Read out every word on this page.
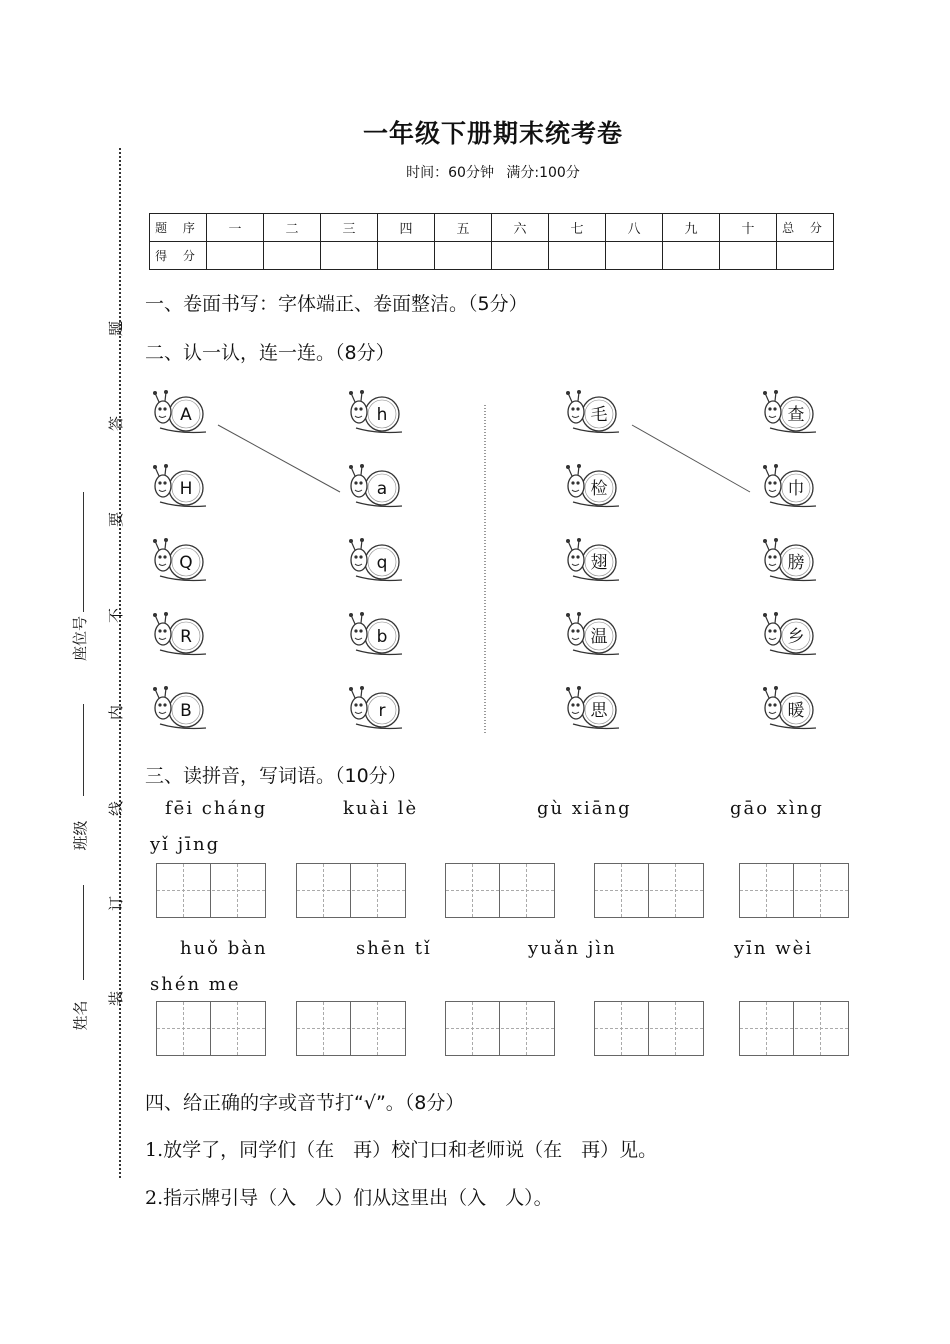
一年级下册期末统考卷
时间：60分钟 满分:100分
题 序	一	二	三	四	五	六	七	八	九	十	总 分
得 分											
题
答
要
不
内
线
订
装
座位号
班级
姓名
一、卷面书写：字体端正、卷面整洁。（5分）
二、认一认，连一连。（8分）
A
H
Q
R
B
h
a
q
b
r
毛
检
翅
温
思
查
巾
膀
乡
暖
三、读拼音，写词语。（10分）
fēi cháng	kuài lè	gù xiāng	gāo xìng
yǐ jīng
huǒ bàn	shēn tǐ	yuǎn jìn	yīn wèi
shén me
四、给正确的字或音节打“√”。（8分）
1.放学了，同学们（在　再）校门口和老师说（在　再）见。
2.指示牌引导（入　人）们从这里出（入　人）。
